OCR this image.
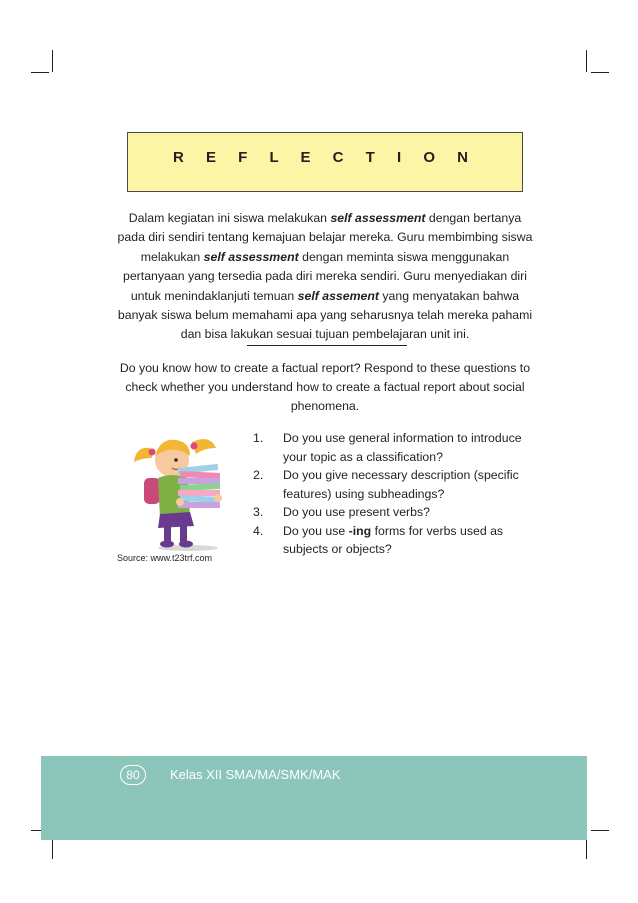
R E F L E C T I O N
Dalam kegiatan ini siswa melakukan self assessment dengan bertanya pada diri sendiri tentang kemajuan belajar mereka. Guru membimbing siswa melakukan self assessment dengan meminta siswa menggunakan pertanyaan yang tersedia pada diri mereka sendiri. Guru menyediakan diri untuk menindaklanjuti temuan self assement yang menyatakan bahwa banyak siswa belum memahami apa yang seharusnya telah mereka pahami dan bisa lakukan sesuai tujuan pembelajaran unit ini.
Do you know how to create a factual report? Respond to these questions to check whether you understand how to create a factual report about social phenomena.
Source: www.t23trf.com
1.	Do you use general information to introduce your topic as a classification?
2.	Do you give necessary description (specific features) using subheadings?
3.	Do you use present verbs?
4.	Do you use -ing forms for verbs used as subjects or objects?
80	Kelas XII SMA/MA/SMK/MAK
